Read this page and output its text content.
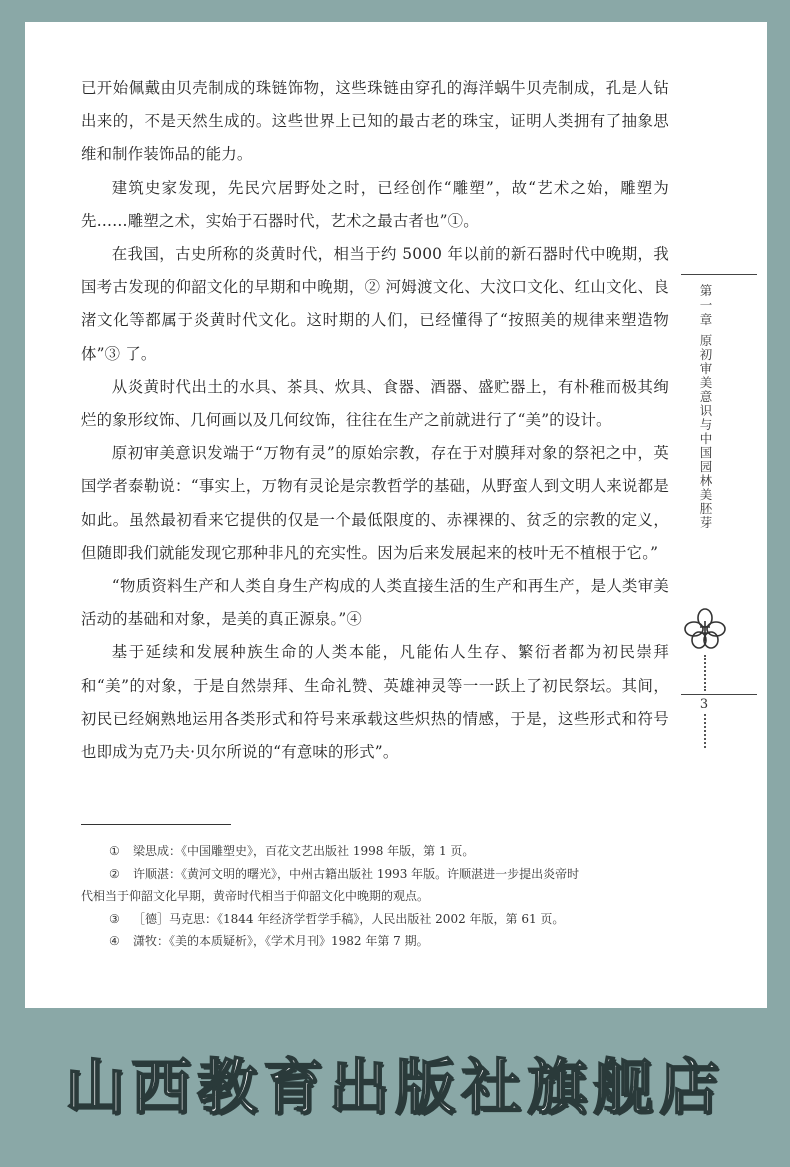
已开始佩戴由贝壳制成的珠链饰物，这些珠链由穿孔的海洋蜗牛贝壳制成，孔是人钻出来的，不是天然生成的。这些世界上已知的最古老的珠宝，证明人类拥有了抽象思维和制作装饰品的能力。

建筑史家发现，先民穴居野处之时，已经创作“雕塑”，故“艺术之始，雕塑为先……雕塑之术，实始于石器时代，艺术之最古者也”①。

在我国，古史所称的炎黄时代，相当于约 5000 年以前的新石器时代中晚期，我国考古发现的仰韶文化的早期和中晚期，② 河姆渡文化、大汶口文化、红山文化、良渚文化等都属于炎黄时代文化。这时期的人们，已经懂得了“按照美的规律来塑造物体”③ 了。

从炎黄时代出土的水具、茶具、炊具、食器、酒器、盛贮器上，有朴稚而极其绚烂的象形纹饰、几何画以及几何纹饰，往往在生产之前就进行了“美”的设计。

原初审美意识发端于“万物有灵”的原始宗教，存在于对膜拜对象的祭祀之中，英国学者泰勒说：“事实上，万物有灵论是宗教哲学的基础，从野蛮人到文明人来说都是如此。虽然最初看来它提供的仅是一个最低限度的、赤裸裸的、贫乏的宗教的定义，但随即我们就能发现它那种非凡的充实性。因为后来发展起来的枝叶无不植根于它。”

“物质资料生产和人类自身生产构成的人类直接生活的生产和再生产，是人类审美活动的基础和对象，是美的真正源泉。”④

基于延续和发展种族生命的人类本能，凡能佑人生存、繁衍者都为初民崇拜和“美”的对象，于是自然崇拜、生命礼赞、英雄神灵等一一跃上了初民祭坛。其间，初民已经娴熟地运用各类形式和符号来承载这些炽热的情感，于是，这些形式和符号也即成为克乃夫·贝尔所说的“有意味的形式”。

① 梁思成：《中国雕塑史》，百花文艺出版社 1998 年版，第 1 页。

② 许顺湛：《黄河文明的曙光》，中州古籍出版社 1993 年版。许顺湛进一步提出炎帝时

代相当于仰韶文化早期，黄帝时代相当于仰韶文化中晚期的观点。

③ ［德］马克思：《1844 年经济学哲学手稿》，人民出版社 2002 年版，第 61 页。

④ 潇牧：《美的本质疑析》，《学术月刊》1982 年第 7 期。

第一章
原初审美意识与中国园林美胚芽
3
山西教育出版社旗舰店
